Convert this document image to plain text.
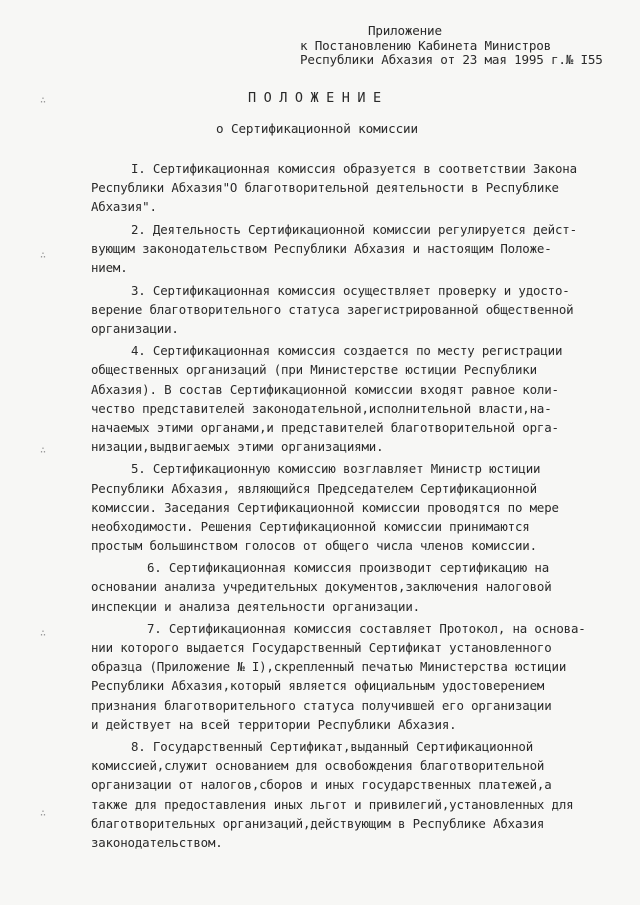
∴
∴
∴
∴
∴
Приложение
к Постановлению Кабинета Министров
Республики Абхазия от 23 мая 1995 г.№ I55
ПОЛОЖЕНИЕ
о Сертификационной комиссии
I. Сертификационная комиссия образуется в соответствии Закона
Республики Абхазия"О благотворительной деятельности в Республике
Абхазия".
2. Деятельность Сертификационной комиссии регулируется дейст-
вующим законодательством Республики Абхазия и настоящим Положе-
нием.
3. Сертификационная комиссия осуществляет проверку и удосто-
верение благотворительного статуса зарегистрированной общественной
организации.
4. Сертификационная комиссия создается по месту регистрации
общественных организаций (при Министерстве юстиции Республики
Абхазия). В состав Сертификационной комиссии входят равное коли-
чество представителей законодательной,исполнительной власти,на-
начаемых этими органами,и представителей благотворительной орга-
низации,выдвигаемых этими организациями.
5. Сертификационную комиссию возглавляет Министр юстиции
Республики Абхазия, являющийся Председателем Сертификационной
комиссии. Заседания Сертификационной комиссии проводятся по мере
необходимости. Решения Сертификационной комиссии принимаются
простым большинством голосов от общего числа членов комиссии.
6. Сертификационная комиссия производит сертификацию на
основании анализа учредительных документов,заключения налоговой
инспекции и анализа деятельности организации.
7. Сертификационная комиссия составляет Протокол, на основа-
нии которого выдается Государственный Сертификат установленного
образца (Приложение № I),скрепленный печатью Министерства юстиции
Республики Абхазия,который является официальным удостоверением
признания благотворительного статуса получившей его организации
и действует на всей территории Республики Абхазия.
8. Государственный Сертификат,выданный Сертификационной
комиссией,служит основанием для освобождения благотворительной
организации от налогов,сборов и иных государственных платежей,а
также для предоставления иных льгот и привилегий,установленных для
благотворительных организаций,действующим в Республике Абхазия
законодательством.
